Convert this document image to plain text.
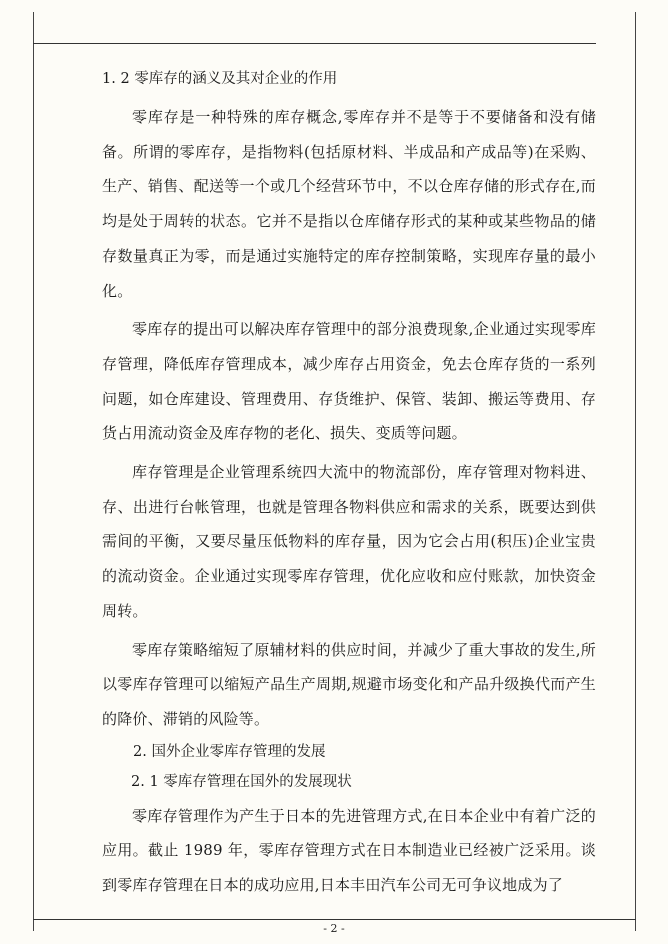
1. 2 零库存的涵义及其对企业的作用

零库存是一种特殊的库存概念,零库存并不是等于不要储备和没有储备。所谓的零库存，是指物料(包括原材料、半成品和产成品等)在采购、生产、销售、配送等一个或几个经营环节中，不以仓库存储的形式存在,而均是处于周转的状态。它并不是指以仓库储存形式的某种或某些物品的储存数量真正为零，而是通过实施特定的库存控制策略，实现库存量的最小化。

零库存的提出可以解决库存管理中的部分浪费现象,企业通过实现零库存管理，降低库存管理成本，减少库存占用资金，免去仓库存货的一系列问题，如仓库建设、管理费用、存货维护、保管、装卸、搬运等费用、存货占用流动资金及库存物的老化、损失、变质等问题。

库存管理是企业管理系统四大流中的物流部份，库存管理对物料进、存、出进行台帐管理，也就是管理各物料供应和需求的关系，既要达到供需间的平衡，又要尽量压低物料的库存量，因为它会占用(积压)企业宝贵的流动资金。企业通过实现零库存管理，优化应收和应付账款，加快资金周转。

零库存策略缩短了原辅材料的供应时间，并减少了重大事故的发生,所以零库存管理可以缩短产品生产周期,规避市场变化和产品升级换代而产生的降价、滞销的风险等。

2. 国外企业零库存管理的发展

2. 1 零库存管理在国外的发展现状

零库存管理作为产生于日本的先进管理方式,在日本企业中有着广泛的应用。截止 1989 年，零库存管理方式在日本制造业已经被广泛采用。谈到零库存管理在日本的成功应用,日本丰田汽车公司无可争议地成为了

- 2 -
